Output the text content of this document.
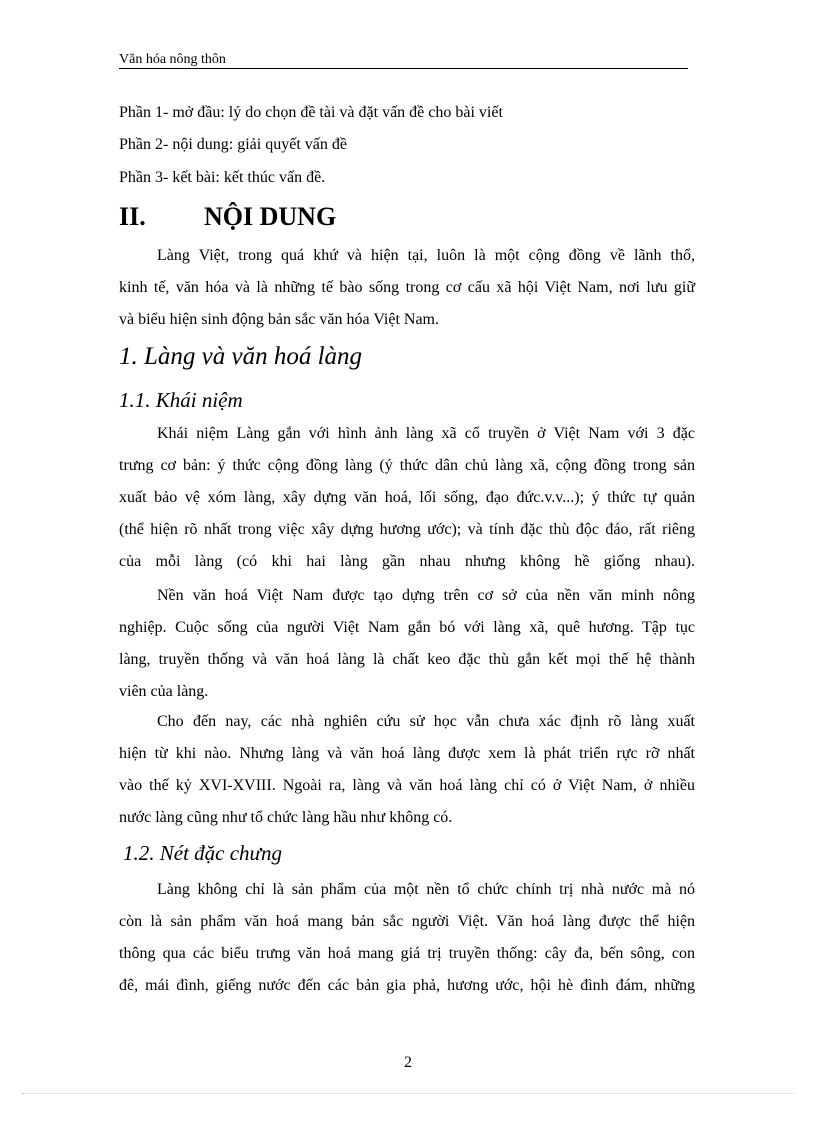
Văn hóa nông thôn
Phần 1- mở đầu: lý do chọn đề tài và đặt vấn đề cho bài viết
Phần 2- nội dung: giải quyết vấn đề
Phần 3- kết bài: kết thúc vấn đề.
II. NỘI DUNG

Làng Việt, trong quá khứ và hiện tại, luôn là một cộng đồng về lãnh thổ,

kinh tế, văn hóa và là những tế bào sống trong cơ cấu xã hội Việt Nam, nơi lưu giữ

và biểu hiện sinh động bản sắc văn hóa Việt Nam.

1. Làng và văn hoá làng
1.1. Khái niệm

Khái niệm Làng gắn với hình ảnh làng xã cổ truyền ở Việt Nam với 3 đặc

trưng cơ bản: ý thức cộng đồng làng (ý thức dân chủ làng xã, cộng đồng trong sản

xuất bảo vệ xóm làng, xây dựng văn hoá, lối sống, đạo đức.v.v...); ý thức tự quản

(thể hiện rõ nhất trong việc xây dựng hương ước); và tính đặc thù độc đáo, rất riêng

của mỗi làng (có khi hai làng gần nhau nhưng không hề giống nhau).

Nền văn hoá Việt Nam được tạo dựng trên cơ sở của nền văn minh nông

nghiệp. Cuộc sống của người Việt Nam gắn bó với làng xã, quê hương. Tập tục

làng, truyền thống và văn hoá làng là chất keo đặc thù gắn kết mọi thế hệ thành

viên của làng.

Cho đến nay, các nhà nghiên cứu sử học vẫn chưa xác định rõ làng xuất

hiện từ khi nào. Nhưng làng và văn hoá làng được xem là phát triển rực rỡ nhất

vào thế kỷ XVI-XVIII. Ngoài ra, làng và văn hoá làng chỉ có ở Việt Nam, ở nhiều

nước làng cũng như tổ chức làng hầu như không có.

1.2. Nét đặc chưng

Làng không chỉ là sản phẩm của một nền tổ chức chính trị nhà nước mà nó

còn là sản phẩm văn hoá mang bản sắc người Việt. Văn hoá làng được thể hiện

thông qua các biểu trưng văn hoá mang giá trị truyền thống: cây đa, bến sông, con

đê, mái đình, giếng nước đến các bản gia phả, hương ước, hội hè đình đám, những

2
